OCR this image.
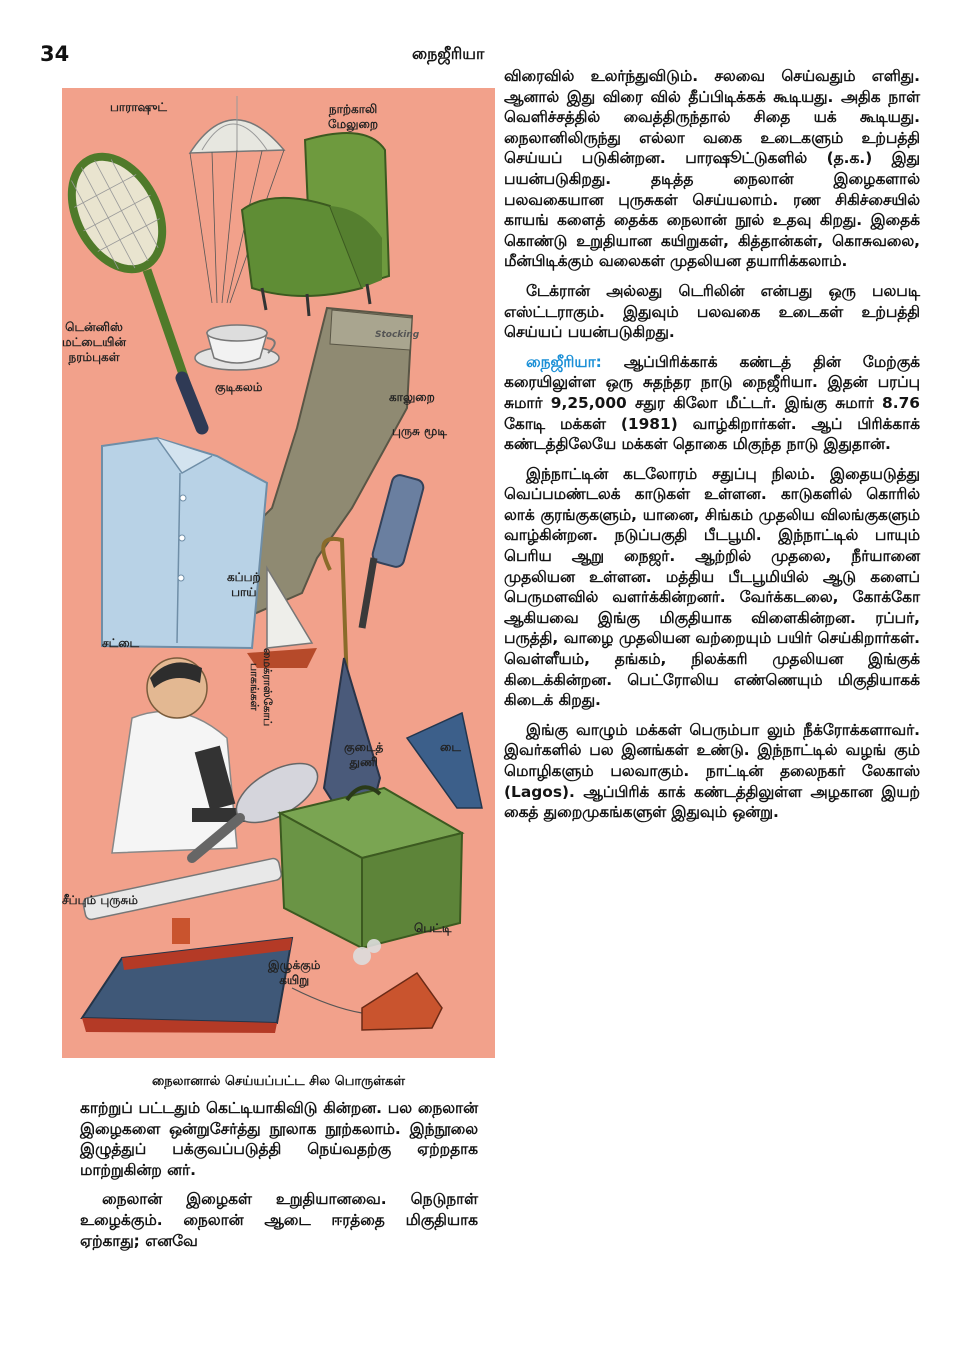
34	நைஜீரியா
பாராஷுட்	நாற்காலி
மேலுறை
டென்னிஸ்
மட்டையின்
நரம்புகள்
Stocking
குடிகலம்
காலுறை
புருசு மூடி
கப்பற்
பாய்
சட்டை
மைக்ராஸ்கோப்
பாகங்கள்
குடைத்
துணி
டை
சீப்பும் புருசும்
பெட்டி
இழுக்கும்
கயிறு
நைலானால் செய்யப்பட்ட சில பொருள்கள்

காற்றுப் பட்டதும் கெட்டியாகிவிடு கின்றன. பல நைலான் இழைகளை ஒன்றுசேர்த்து நூலாக நூற்கலாம். இந்நூலை இழுத்துப் பக்குவப்படுத்தி நெய்வதற்கு ஏற்றதாக மாற்றுகின்ற னர்.

நைலான் இழைகள் உறுதியானவை. நெடுநாள் உழைக்கும். நைலான் ஆடை ஈரத்தை மிகுதியாக ஏற்காது; எனவே

விரைவில் உலர்ந்துவிடும். சலவை செய்வதும் எளிது. ஆனால் இது விரை வில் தீப்பிடிக்கக் கூடியது. அதிக நாள் வெளிச்சத்தில் வைத்திருந்தால் சிதை யக் கூடியது. நைலானிலிருந்து எல்லா வகை உடைகளும் உற்பத்தி செய்யப் படுகின்றன. பாரஷூட்டுகளில் (த.க.) இது பயன்படுகிறது. தடித்த நைலான் இழைகளால் பலவகையான புருசுகள் செய்யலாம். ரண சிகிச்சையில் காயங் களைத் தைக்க நைலான் நூல் உதவு கிறது. இதைக் கொண்டு உறுதியான கயிறுகள், கித்தான்கள், கொசுவலை, மீன்பிடிக்கும் வலைகள் முதலியன தயாரிக்கலாம்.

டேக்ரான் அல்லது டெரிலின் என்பது ஒரு பலபடி எஸ்ட்டராகும். இதுவும் பலவகை உடைகள் உற்பத்தி செய்யப் பயன்படுகிறது.

நைஜீரியா: ஆப்பிரிக்காக் கண்டத் தின் மேற்குக் கரையிலுள்ள ஒரு சுதந்தர நாடு நைஜீரியா. இதன் பரப்பு சுமார் 9,25,000 சதுர கிலோ மீட்டர். இங்கு சுமார் 8.76 கோடி மக்கள் (1981) வாழ்கிறார்கள். ஆப் பிரிக்காக் கண்டத்திலேயே மக்கள் தொகை மிகுந்த நாடு இதுதான்.

இந்நாட்டின் கடலோரம் சதுப்பு நிலம். இதையடுத்து வெப்பமண்டலக் காடுகள் உள்ளன. காடுகளில் கொரில் லாக் குரங்குகளும், யானை, சிங்கம் முதலிய விலங்குகளும் வாழ்கின்றன. நடுப்பகுதி பீடபூமி. இந்நாட்டில் பாயும் பெரிய ஆறு நைஜர். ஆற்றில் முதலை, நீர்யானை முதலியன உள்ளன. மத்திய பீடபூமியில் ஆடு களைப் பெருமளவில் வளர்க்கின்றனர். வேர்க்கடலை, கோக்கோ ஆகியவை இங்கு மிகுதியாக விளைகின்றன. ரப்பர், பருத்தி, வாழை முதலியன வற்றையும் பயிர் செய்கிறார்கள். வெள்ளீயம், தங்கம், நிலக்கரி முதலியன இங்குக் கிடைக்கின்றன. பெட்ரோலிய எண்ணெயும் மிகுதியாகக் கிடைக் கிறது.

இங்கு வாழும் மக்கள் பெரும்பா லும் நீக்ரோக்களாவர். இவர்களில் பல இனங்கள் உண்டு. இந்நாட்டில் வழங் கும் மொழிகளும் பலவாகும். நாட்டின் தலைநகர் லேகாஸ் (Lagos). ஆப்பிரிக் காக் கண்டத்திலுள்ள அழகான இயற் கைத் துறைமுகங்களுள் இதுவும் ஒன்று.
